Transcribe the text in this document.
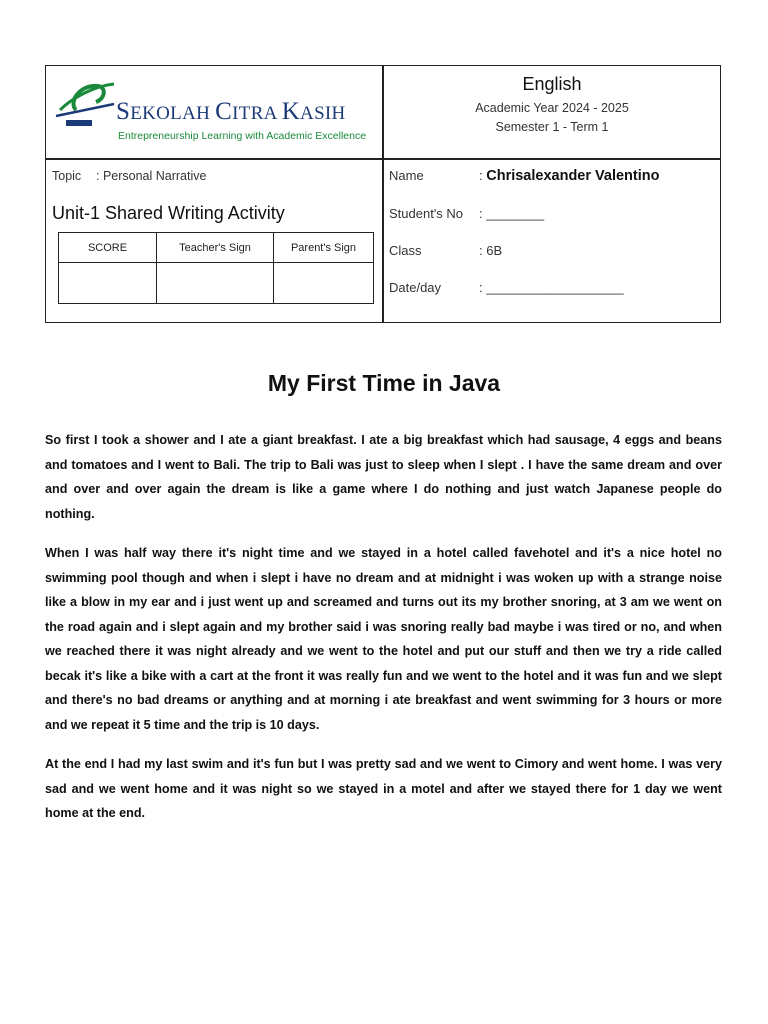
SEKOLAH CITRA KASIH
Entrepreneurship Learning with Academic Excellence
English
Academic Year 2024 - 2025
Semester 1 - Term 1
Topic : Personal Narrative
Unit-1 Shared Writing Activity
SCORE	Teacher's Sign	Parent's Sign

Name	: Chrisalexander Valentino
Student's No : ________
Class	: 6B
Date/day	: ___________________
My First Time in Java

So first I took a shower and I ate a giant breakfast. I ate a big breakfast which had sausage, 4 eggs and beans and tomatoes and I went to Bali. The trip to Bali was just to sleep when I slept . I have the same dream and over and over and over again the dream is like a game where I do nothing and just watch Japanese people do nothing.

When I was half way there it's night time and we stayed in a hotel called favehotel and it's a nice hotel no swimming pool though and when i slept i have no dream and at midnight i was woken up with a strange noise like a blow in my ear and i just went up and screamed and turns out its my brother snoring, at 3 am we went on the road again and i slept again and my brother said i was snoring really bad maybe i was tired or no, and when we reached there it was night already and we went to the hotel and put our stuff and then we try a ride called becak it's like a bike with a cart at the front it was really fun and we went to the hotel and it was fun and we slept and there's no bad dreams or anything and at morning i ate breakfast and went swimming for 3 hours or more and we repeat it 5 time and the trip is 10 days.

At the end I had my last swim and it's fun but I was pretty sad and we went to Cimory and went home. I was very sad and we went home and it was night so we stayed in a motel and after we stayed there for 1 day we went home at the end.
